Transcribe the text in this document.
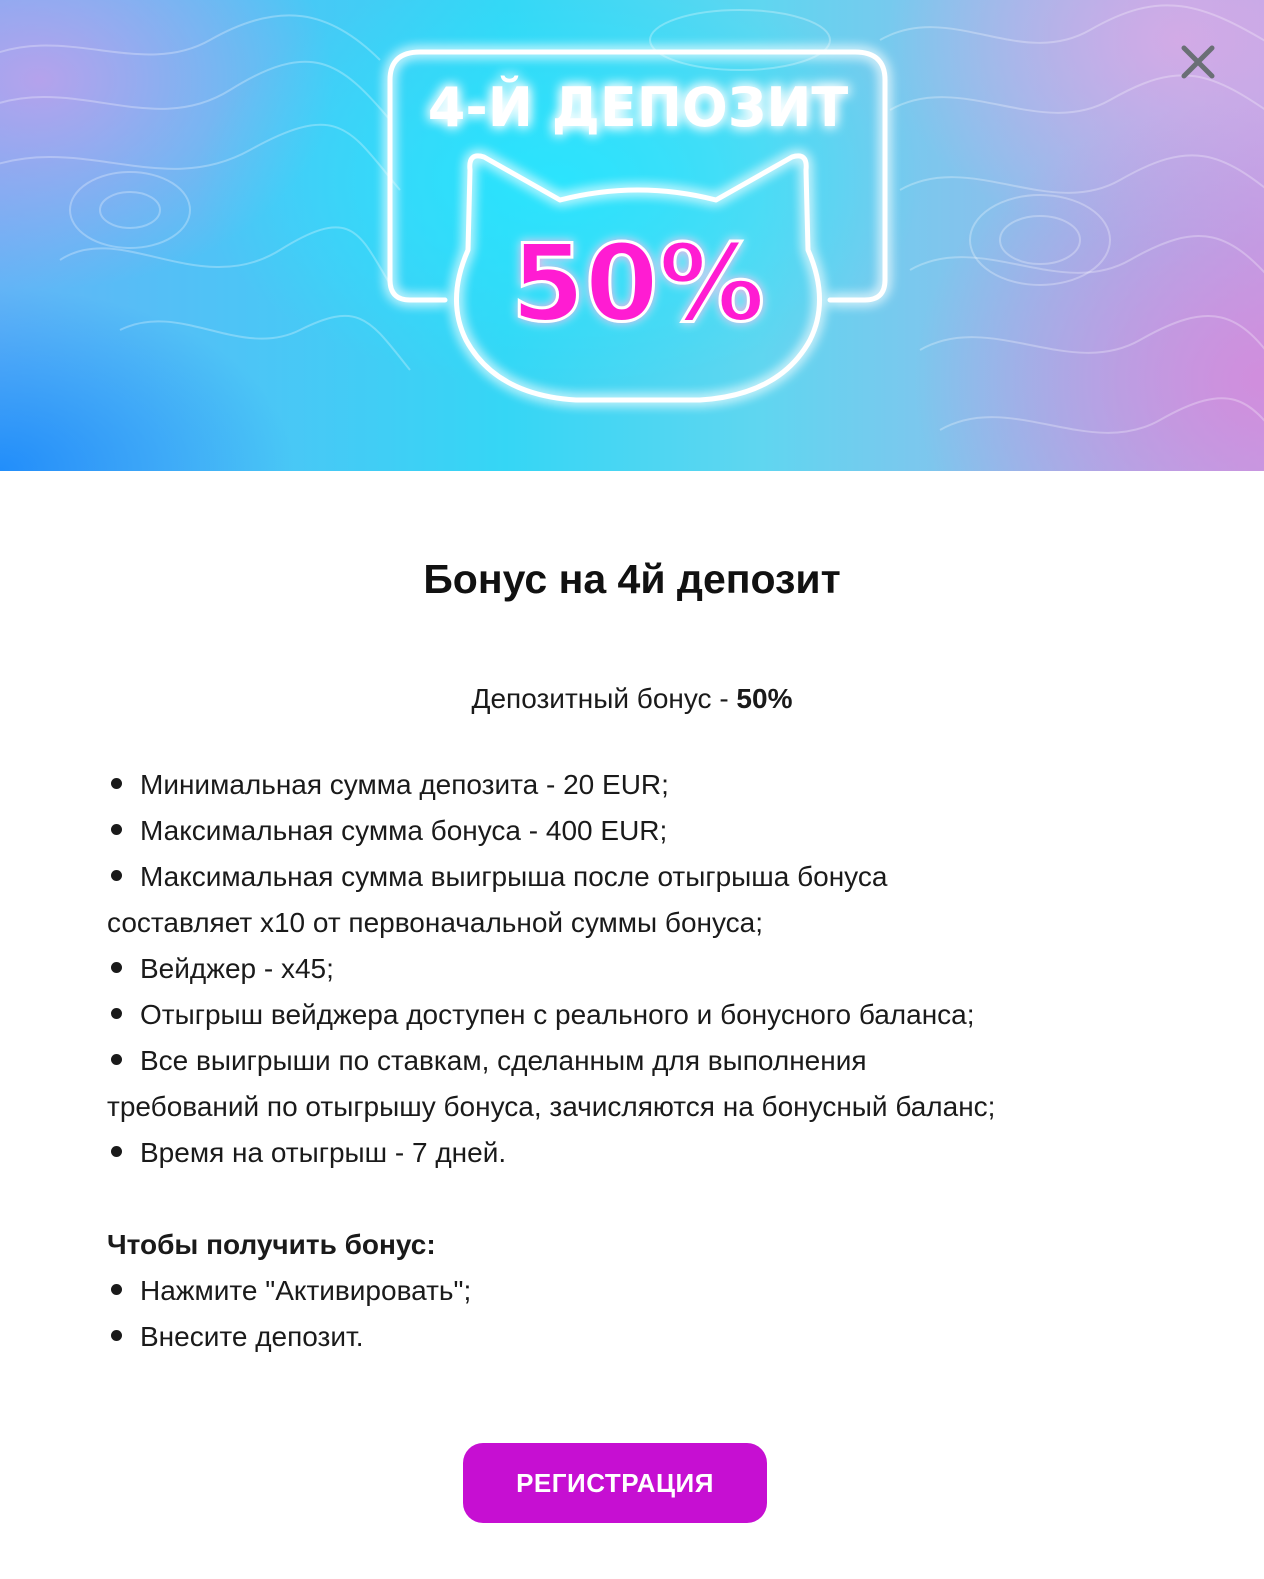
4-Й ДЕПОЗИТ
50%
Бонус на 4й депозит

Депозитный бонус - 50%

Минимальная сумма депозита - 20 EUR;
Максимальная сумма бонуса - 400 EUR;
Максимальная сумма выигрыша после отыгрыша бонуса
составляет x10 от первоначальной суммы бонуса;
Вейджер - x45;
Отыгрыш вейджера доступен с реального и бонусного баланса;
Все выигрыши по ставкам, сделанным для выполнения
требований по отыгрышу бонуса, зачисляются на бонусный баланс;
Время на отыгрыш - 7 дней.
Чтобы получить бонус:
Нажмите "Активировать";
Внесите депозит.
РЕГИСТРАЦИЯ
